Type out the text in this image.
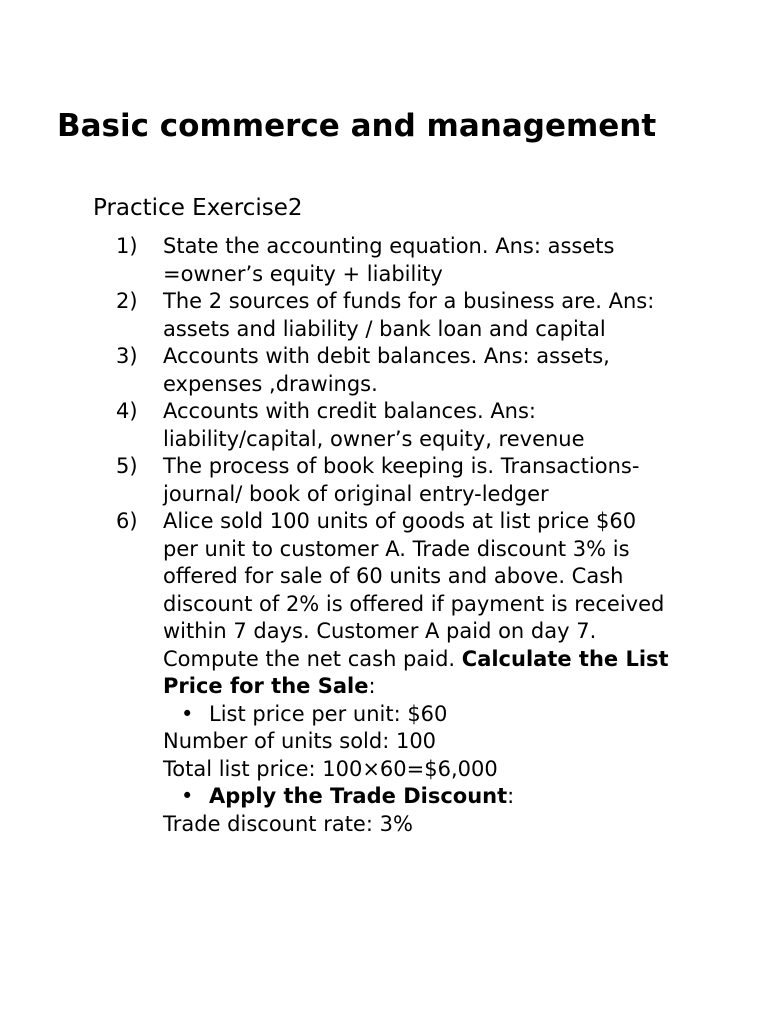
Basic commerce and management
Practice Exercise2
1) State the accounting equation. Ans: assets =owner’s equity + liability
2) The 2 sources of funds for a business are. Ans: assets and liability / bank loan and capital
3) Accounts with debit balances. Ans: assets, expenses ,drawings.
4) Accounts with credit balances. Ans: liability/capital, owner’s equity, revenue
5) The process of book keeping is. Transactions- journal/ book of original entry-ledger
6) Alice sold 100 units of goods at list price $60 per unit to customer A. Trade discount 3% is offered for sale of 60 units and above. Cash discount of 2% is offered if payment is received within 7 days. Customer A paid on day 7. Compute the net cash paid. Calculate the List Price for the Sale:
• List price per unit: $60
Number of units sold: 100
Total list price: 100×60=$6,000
• Apply the Trade Discount:
Trade discount rate: 3%
